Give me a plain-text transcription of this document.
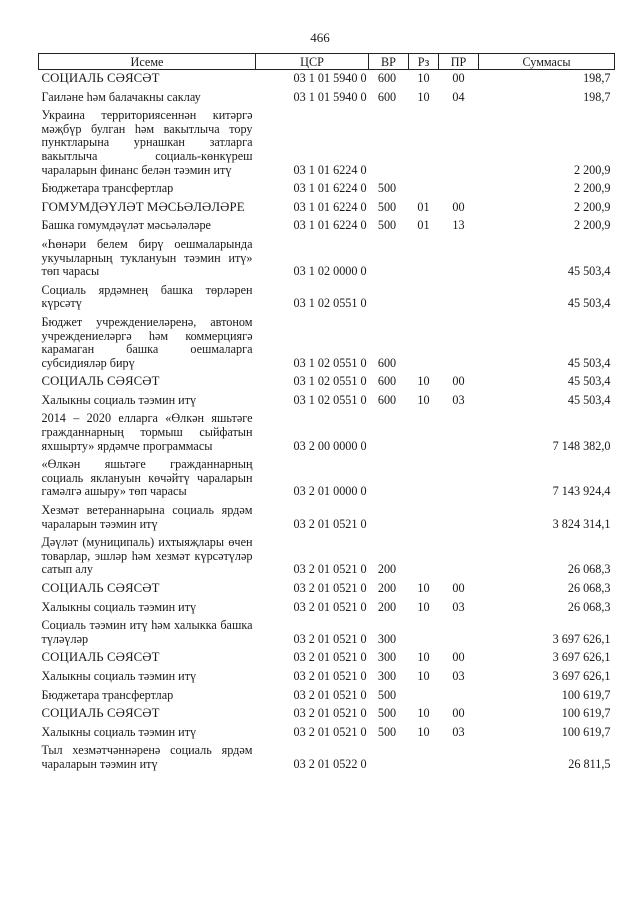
466
Исеме	ЦСР	ВР	Рз	ПР	Суммасы
СОЦИАЛЬ СӘЯСӘТ	03 1 01 5940 0	600	10	00	198,7
Гаиләне һәм балачакны саклау	03 1 01 5940 0	600	10	04	198,7
Украина территориясеннән китәргә мәҗбүр булган һәм вакытлыча тору пунктларына урнашкан затларга вакытлыча социаль-көнкүреш чараларын финанс белән тәэмин итү	03 1 01 6224 0				2 200,9
Бюджетара трансфертлар	03 1 01 6224 0	500			2 200,9
ГОМУМДӘҮЛӘТ МӘСЬӘЛӘЛӘРЕ	03 1 01 6224 0	500	01	00	2 200,9
Башка гомумдәүләт мәсьәләләре	03 1 01 6224 0	500	01	13	2 200,9
«Һөнәри белем бирү оешмаларында укучыларның туклануын тәэмин итү» төп чарасы	03 1 02 0000 0				45 503,4
Социаль ярдәмнең башка төрләрен күрсәтү	03 1 02 0551 0				45 503,4
Бюджет учреждениеләренә, автоном учреждениеләргә һәм коммерциягә карамаган башка оешмаларга субсидияләр бирү	03 1 02 0551 0	600			45 503,4
СОЦИАЛЬ СӘЯСӘТ	03 1 02 0551 0	600	10	00	45 503,4
Халыкны социаль тәэмин итү	03 1 02 0551 0	600	10	03	45 503,4
2014 – 2020 елларга «Өлкән яшьтәге гражданнарның тормыш сыйфатын яхшырту» ярдәмче программасы	03 2 00 0000 0				7 148 382,0
«Өлкән яшьтәге гражданнарның социаль яклануын көчәйтү чараларын гамәлгә ашыру» төп чарасы	03 2 01 0000 0				7 143 924,4
Хезмәт ветераннарына социаль ярдәм чараларын тәэмин итү	03 2 01 0521 0				3 824 314,1
Дәүләт (муниципаль) ихтыяҗлары өчен товарлар, эшләр һәм хезмәт күрсәтүләр сатып алу	03 2 01 0521 0	200			26 068,3
СОЦИАЛЬ СӘЯСӘТ	03 2 01 0521 0	200	10	00	26 068,3
Халыкны социаль тәэмин итү	03 2 01 0521 0	200	10	03	26 068,3
Социаль тәэмин итү һәм халыкка башка түләүләр	03 2 01 0521 0	300			3 697 626,1
СОЦИАЛЬ СӘЯСӘТ	03 2 01 0521 0	300	10	00	3 697 626,1
Халыкны социаль тәэмин итү	03 2 01 0521 0	300	10	03	3 697 626,1
Бюджетара трансфертлар	03 2 01 0521 0	500			100 619,7
СОЦИАЛЬ СӘЯСӘТ	03 2 01 0521 0	500	10	00	100 619,7
Халыкны социаль тәэмин итү	03 2 01 0521 0	500	10	03	100 619,7
Тыл хезмәтчәннәренә социаль ярдәм чараларын тәэмин итү	03 2 01 0522 0				26 811,5
